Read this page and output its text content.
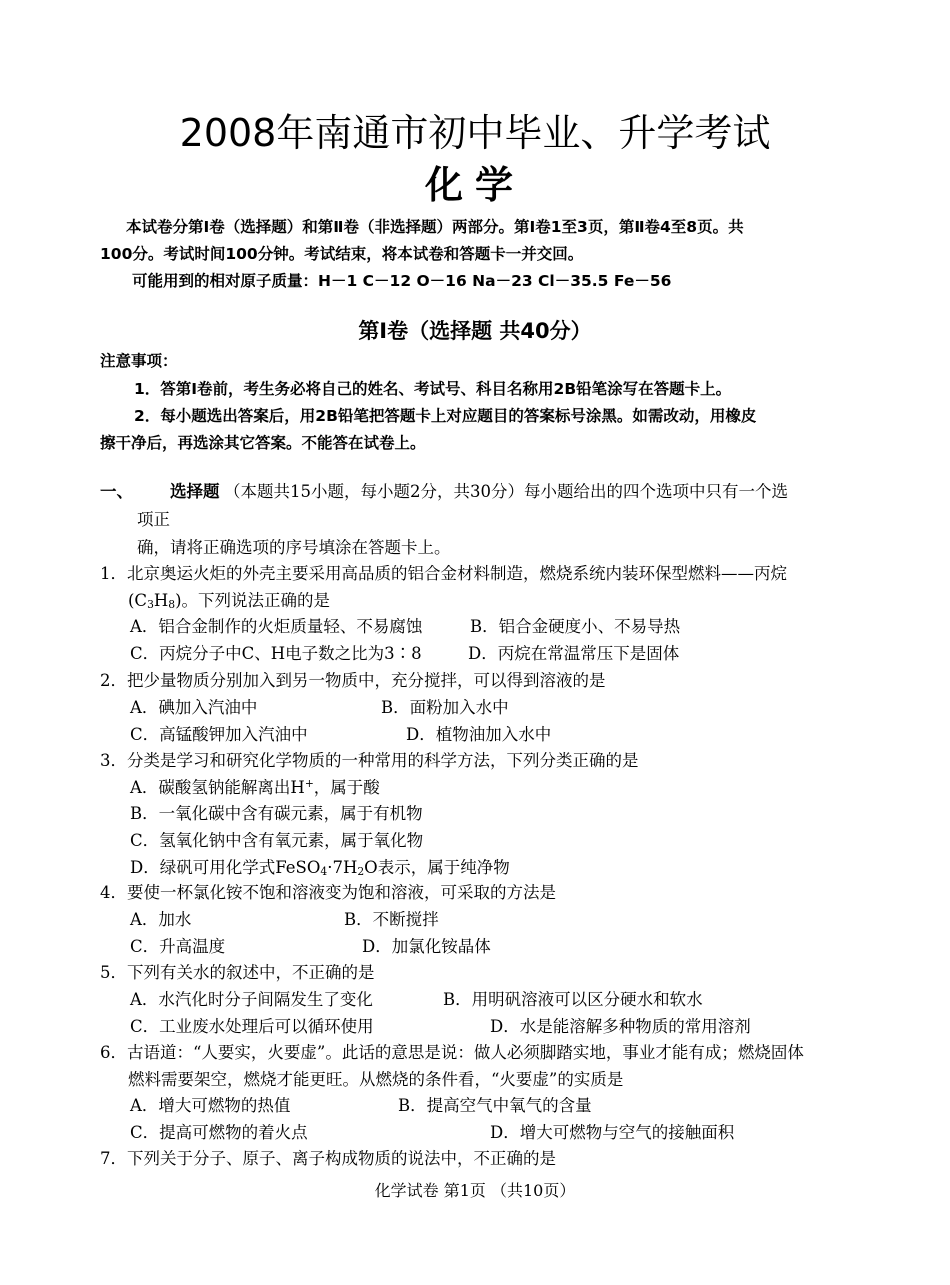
2008年南通市初中毕业、升学考试
化学
本试卷分第Ⅰ卷（选择题）和第Ⅱ卷（非选择题）两部分。第Ⅰ卷1至3页，第Ⅱ卷4至8页。共
100分。考试时间100分钟。考试结束，将本试卷和答题卡一并交回。
可能用到的相对原子质量：H－1 C－12 O－16 Na－23 Cl－35.5 Fe－56
第Ⅰ卷（选择题 共40分）
注意事项：
1．答第Ⅰ卷前，考生务必将自己的姓名、考试号、科目名称用2B铅笔涂写在答题卡上。
2．每小题选出答案后，用2B铅笔把答题卡上对应题目的答案标号涂黑。如需改动，用橡皮
擦干净后，再选涂其它答案。不能答在试卷上。
一、 选择题 （本题共15小题，每小题2分，共30分）每小题给出的四个选项中只有一个选
项正
确，请将正确选项的序号填涂在答题卡上。
1．北京奥运火炬的外壳主要采用高品质的铝合金材料制造，燃烧系统内装环保型燃料——丙烷
$(C_3H_8)$。下列说法正确的是
A．铝合金制作的火炬质量轻、不易腐蚀	B．铝合金硬度小、不易导热
C．丙烷分子中C、H电子数之比为3∶8	D．丙烷在常温常压下是固体
2．把少量物质分别加入到另一物质中，充分搅拌，可以得到溶液的是
A．碘加入汽油中	B．面粉加入水中
C．高锰酸钾加入汽油中	D．植物油加入水中
3．分类是学习和研究化学物质的一种常用的科学方法，下列分类正确的是
A．碳酸氢钠能解离出H+，属于酸
B．一氧化碳中含有碳元素，属于有机物
C．氢氧化钠中含有氧元素，属于氧化物
D．绿矾可用化学式$FeSO_4\cdot 7H_2O$表示，属于纯净物
4．要使一杯氯化铵不饱和溶液变为饱和溶液，可采取的方法是
A．加水	B．不断搅拌
C．升高温度	D．加氯化铵晶体
5．下列有关水的叙述中，不正确的是
A．水汽化时分子间隔发生了变化	B．用明矾溶液可以区分硬水和软水
C．工业废水处理后可以循环使用	D．水是能溶解多种物质的常用溶剂
6．古语道：“人要实，火要虚”。此话的意思是说：做人必须脚踏实地，事业才能有成；燃烧固体
燃料需要架空，燃烧才能更旺。从燃烧的条件看，“火要虚”的实质是
A．增大可燃物的热值	B．提高空气中氧气的含量
C．提高可燃物的着火点	D．增大可燃物与空气的接触面积
7．下列关于分子、原子、离子构成物质的说法中，不正确的是
化学试卷 第1页 （共10页）
